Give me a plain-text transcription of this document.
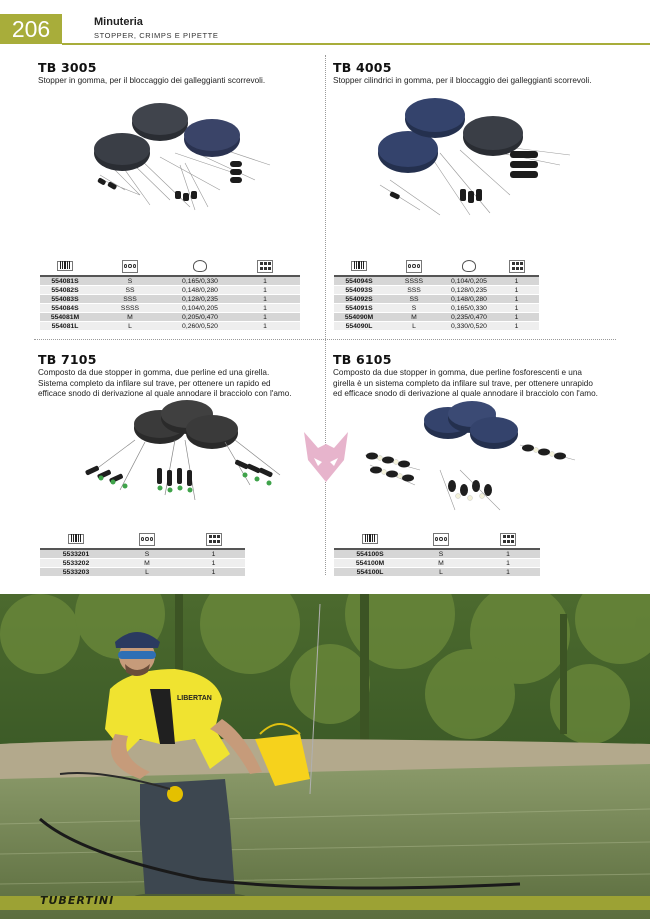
206	Minuteria
STOPPER, CRIMPS E PIPETTE
TB 3005

Stopper in gomma, per il bloccaggio dei galleggianti scorrevoli.

554081S	S	0,165/0,330	1
554082S	SS	0,148/0,280	1
554083S	SSS	0,128/0,235	1
554084S	SSSS	0,104/0,205	1
554081M	M	0,205/0,470	1
554081L	L	0,260/0,520	1
TB 4005

Stopper cilindrici in gomma, per il bloccaggio dei galleggianti scorrevoli.

554094S	SSSS	0,104/0,205	1
554093S	SSS	0,128/0,235	1
554092S	SS	0,148/0,280	1
554091S	S	0,165/0,330	1
554090M	M	0,235/0,470	1
554090L	L	0,330/0,520	1
TB 7105

Composto da due stopper in gomma, due perline ed una girella.
Sistema completo da infilare sul trave, per ottenere un rapido ed
efficace snodo di derivazione al quale annodare il bracciolo con l'amo.

5533201	S	1
5533202	M	1
5533203	L	1
TB 6105

Composto da due stopper in gomma, due perline fosforescenti e una
girella è un sistema completo da infilare sul trave, per ottenere unrapido
ed efficace snodo di derivazione al quale annodare il bracciolo con l'amo.

554100S	S	1
554100M	M	1
554100L	L	1
LIBERTAN
TUBERTINI
